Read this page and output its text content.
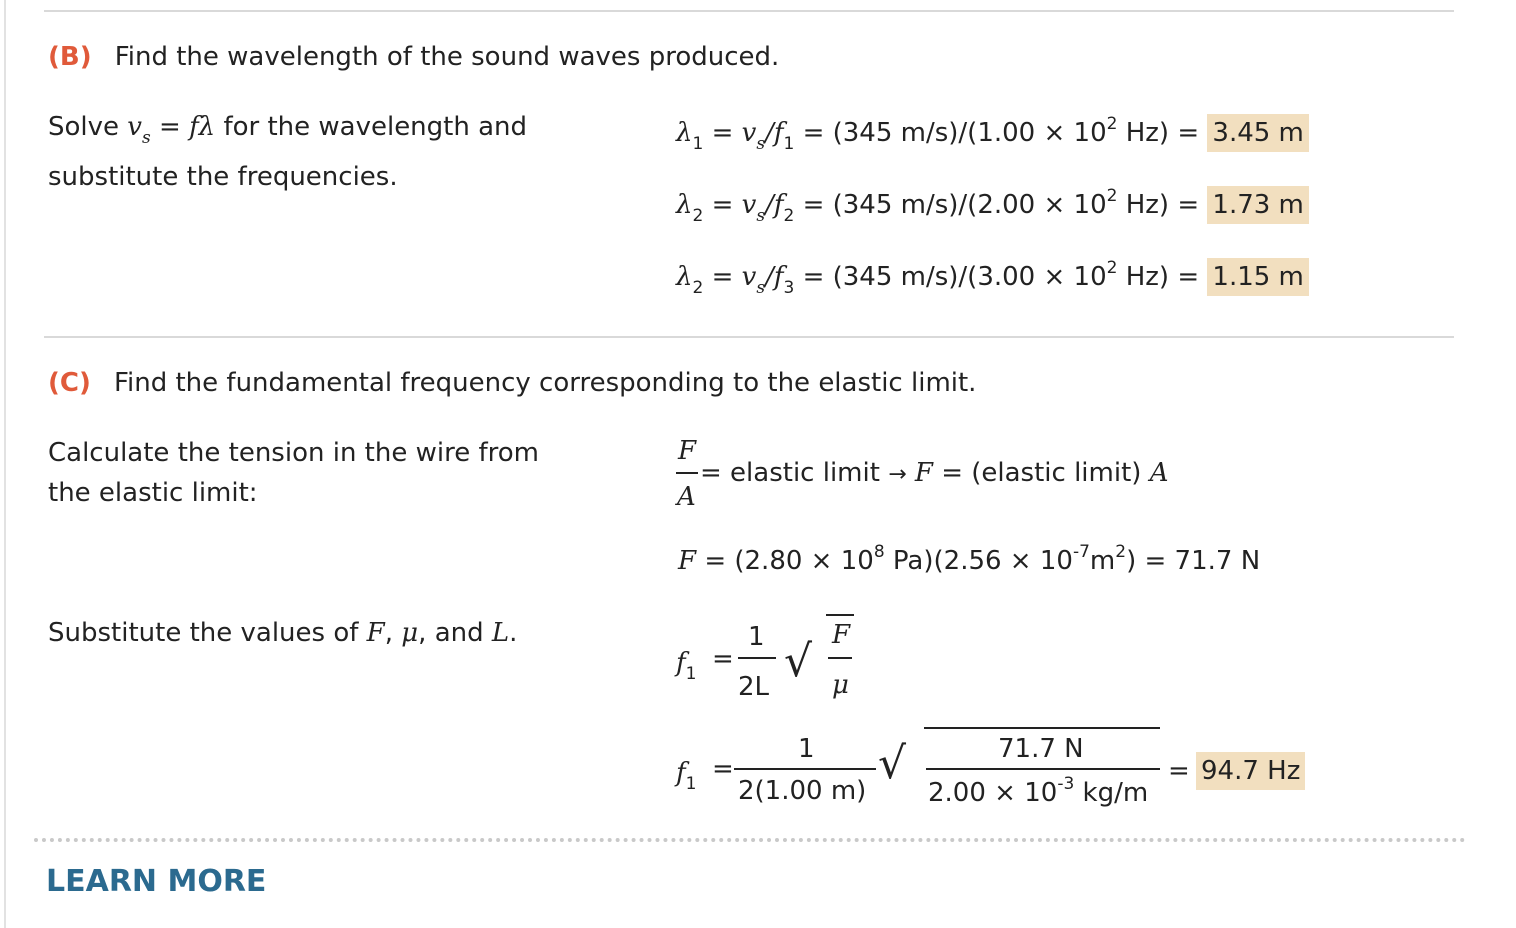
(B) Find the wavelength of the sound waves produced.
Solve $v_s = f\lambda$ for the wavelength and
substitute the frequencies.
$\lambda_1 = v_s/f_1 = (345$ $m/s)/(1.00 \times 10^2$ Hz) = 3.45 m
$\lambda_2 = v_s/f_2 = (345$ $m/s)/(2.00 \times 10^2$ Hz) = 1.73 m
$\lambda_2 = v_s/f_3 = (345$ $m/s)/(3.00 \times 10^2$ Hz) = 1.15 m
(C) Find the fundamental frequency corresponding to the elastic limit.
Calculate the tension in the wire from
the elastic limit:
F
A
= elastic limit → F = (elastic limit) A
$F = (2.80 \times 10^8$ $Pa)(2.56 \times 10^{-7}m^2) = 71.7$ N
Substitute the values of F, μ, and L.
$f_1$ =
1
2L √
F
μ
$f_1$ =
1
2(1.00 m)
√	71.7 N
$2.00 \times 10^{-3}$ kg/m
= 94.7 Hz
LEARN MORE
